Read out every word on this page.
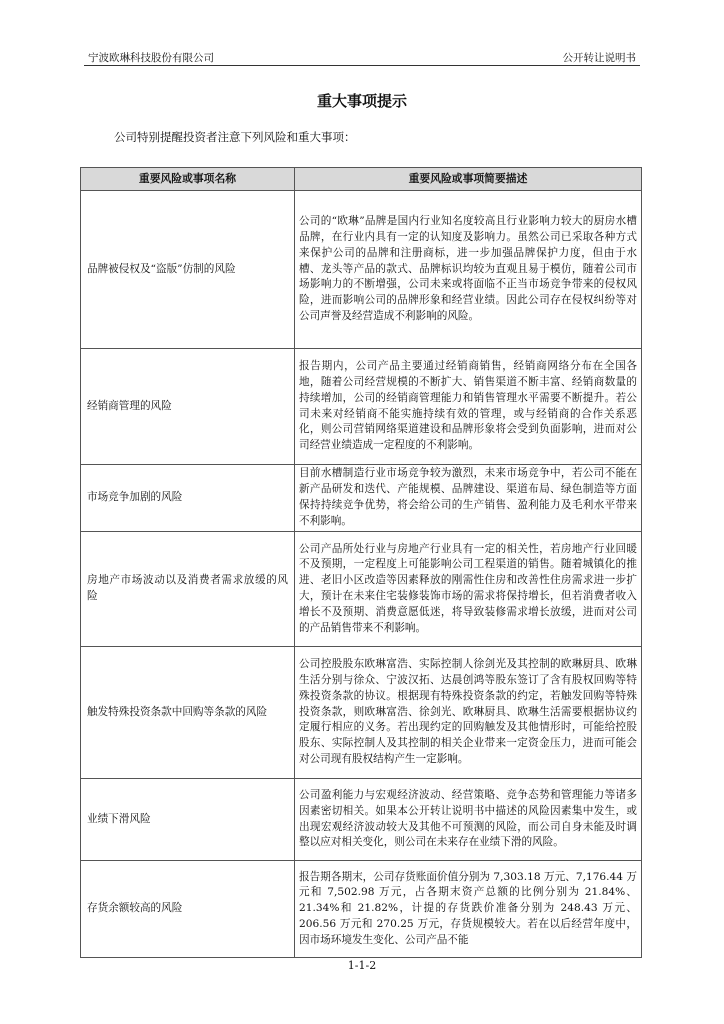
宁波欧琳科技股份有限公司	公开转让说明书
重大事项提示
公司特别提醒投资者注意下列风险和重大事项：
重要风险或事项名称	重要风险或事项简要描述
品牌被侵权及“盗版”仿制的风险	公司的“欧琳”品牌是国内行业知名度较高且行业影响力较大的厨房水槽品牌，在行业内具有一定的认知度及影响力。虽然公司已采取各种方式来保护公司的品牌和注册商标，进一步加强品牌保护力度，但由于水槽、龙头等产品的款式、品牌标识均较为直观且易于模仿，随着公司市场影响力的不断增强，公司未来或将面临不正当市场竞争带来的侵权风险，进而影响公司的品牌形象和经营业绩。因此公司存在侵权纠纷等对公司声誉及经营造成不利影响的风险。
经销商管理的风险	报告期内，公司产品主要通过经销商销售，经销商网络分布在全国各地，随着公司经营规模的不断扩大、销售渠道不断丰富、经销商数量的持续增加，公司的经销商管理能力和销售管理水平需要不断提升。若公司未来对经销商不能实施持续有效的管理，或与经销商的合作关系恶化，则公司营销网络渠道建设和品牌形象将会受到负面影响，进而对公司经营业绩造成一定程度的不利影响。
市场竞争加剧的风险	目前水槽制造行业市场竞争较为激烈，未来市场竞争中，若公司不能在新产品研发和迭代、产能规模、品牌建设、渠道布局、绿色制造等方面保持持续竞争优势，将会给公司的生产销售、盈利能力及毛利水平带来不利影响。
房地产市场波动以及消费者需求放缓的风险	公司产品所处行业与房地产行业具有一定的相关性，若房地产行业回暖不及预期，一定程度上可能影响公司工程渠道的销售。随着城镇化的推进、老旧小区改造等因素释放的刚需性住房和改善性住房需求进一步扩大，预计在未来住宅装修装饰市场的需求将保持增长，但若消费者收入增长不及预期、消费意愿低迷，将导致装修需求增长放缓，进而对公司的产品销售带来不利影响。
触发特殊投资条款中回购等条款的风险	公司控股股东欧琳富浩、实际控制人徐剑光及其控制的欧琳厨具、欧琳生活分别与徐众、宁波汉拓、达晨创鸿等股东签订了含有股权回购等特殊投资条款的协议。根据现有特殊投资条款的约定，若触发回购等特殊投资条款，则欧琳富浩、徐剑光、欧琳厨具、欧琳生活需要根据协议约定履行相应的义务。若出现约定的回购触发及其他情形时，可能给控股股东、实际控制人及其控制的相关企业带来一定资金压力，进而可能会对公司现有股权结构产生一定影响。
业绩下滑风险	公司盈利能力与宏观经济波动、经营策略、竞争态势和管理能力等诸多因素密切相关。如果本公开转让说明书中描述的风险因素集中发生，或出现宏观经济波动较大及其他不可预测的风险，而公司自身未能及时调整以应对相关变化，则公司在未来存在业绩下滑的风险。
存货余额较高的风险	报告期各期末，公司存货账面价值分别为 7,303.18 万元、7,176.44 万元和 7,502.98 万元，占各期末资产总额的比例分别为 21.84%、21.34%和 21.82%，计提的存货跌价准备分别为 248.43 万元、206.56 万元和 270.25 万元，存货规模较大。若在以后经营年度中，因市场环境发生变化、公司产品不能
1-1-2
